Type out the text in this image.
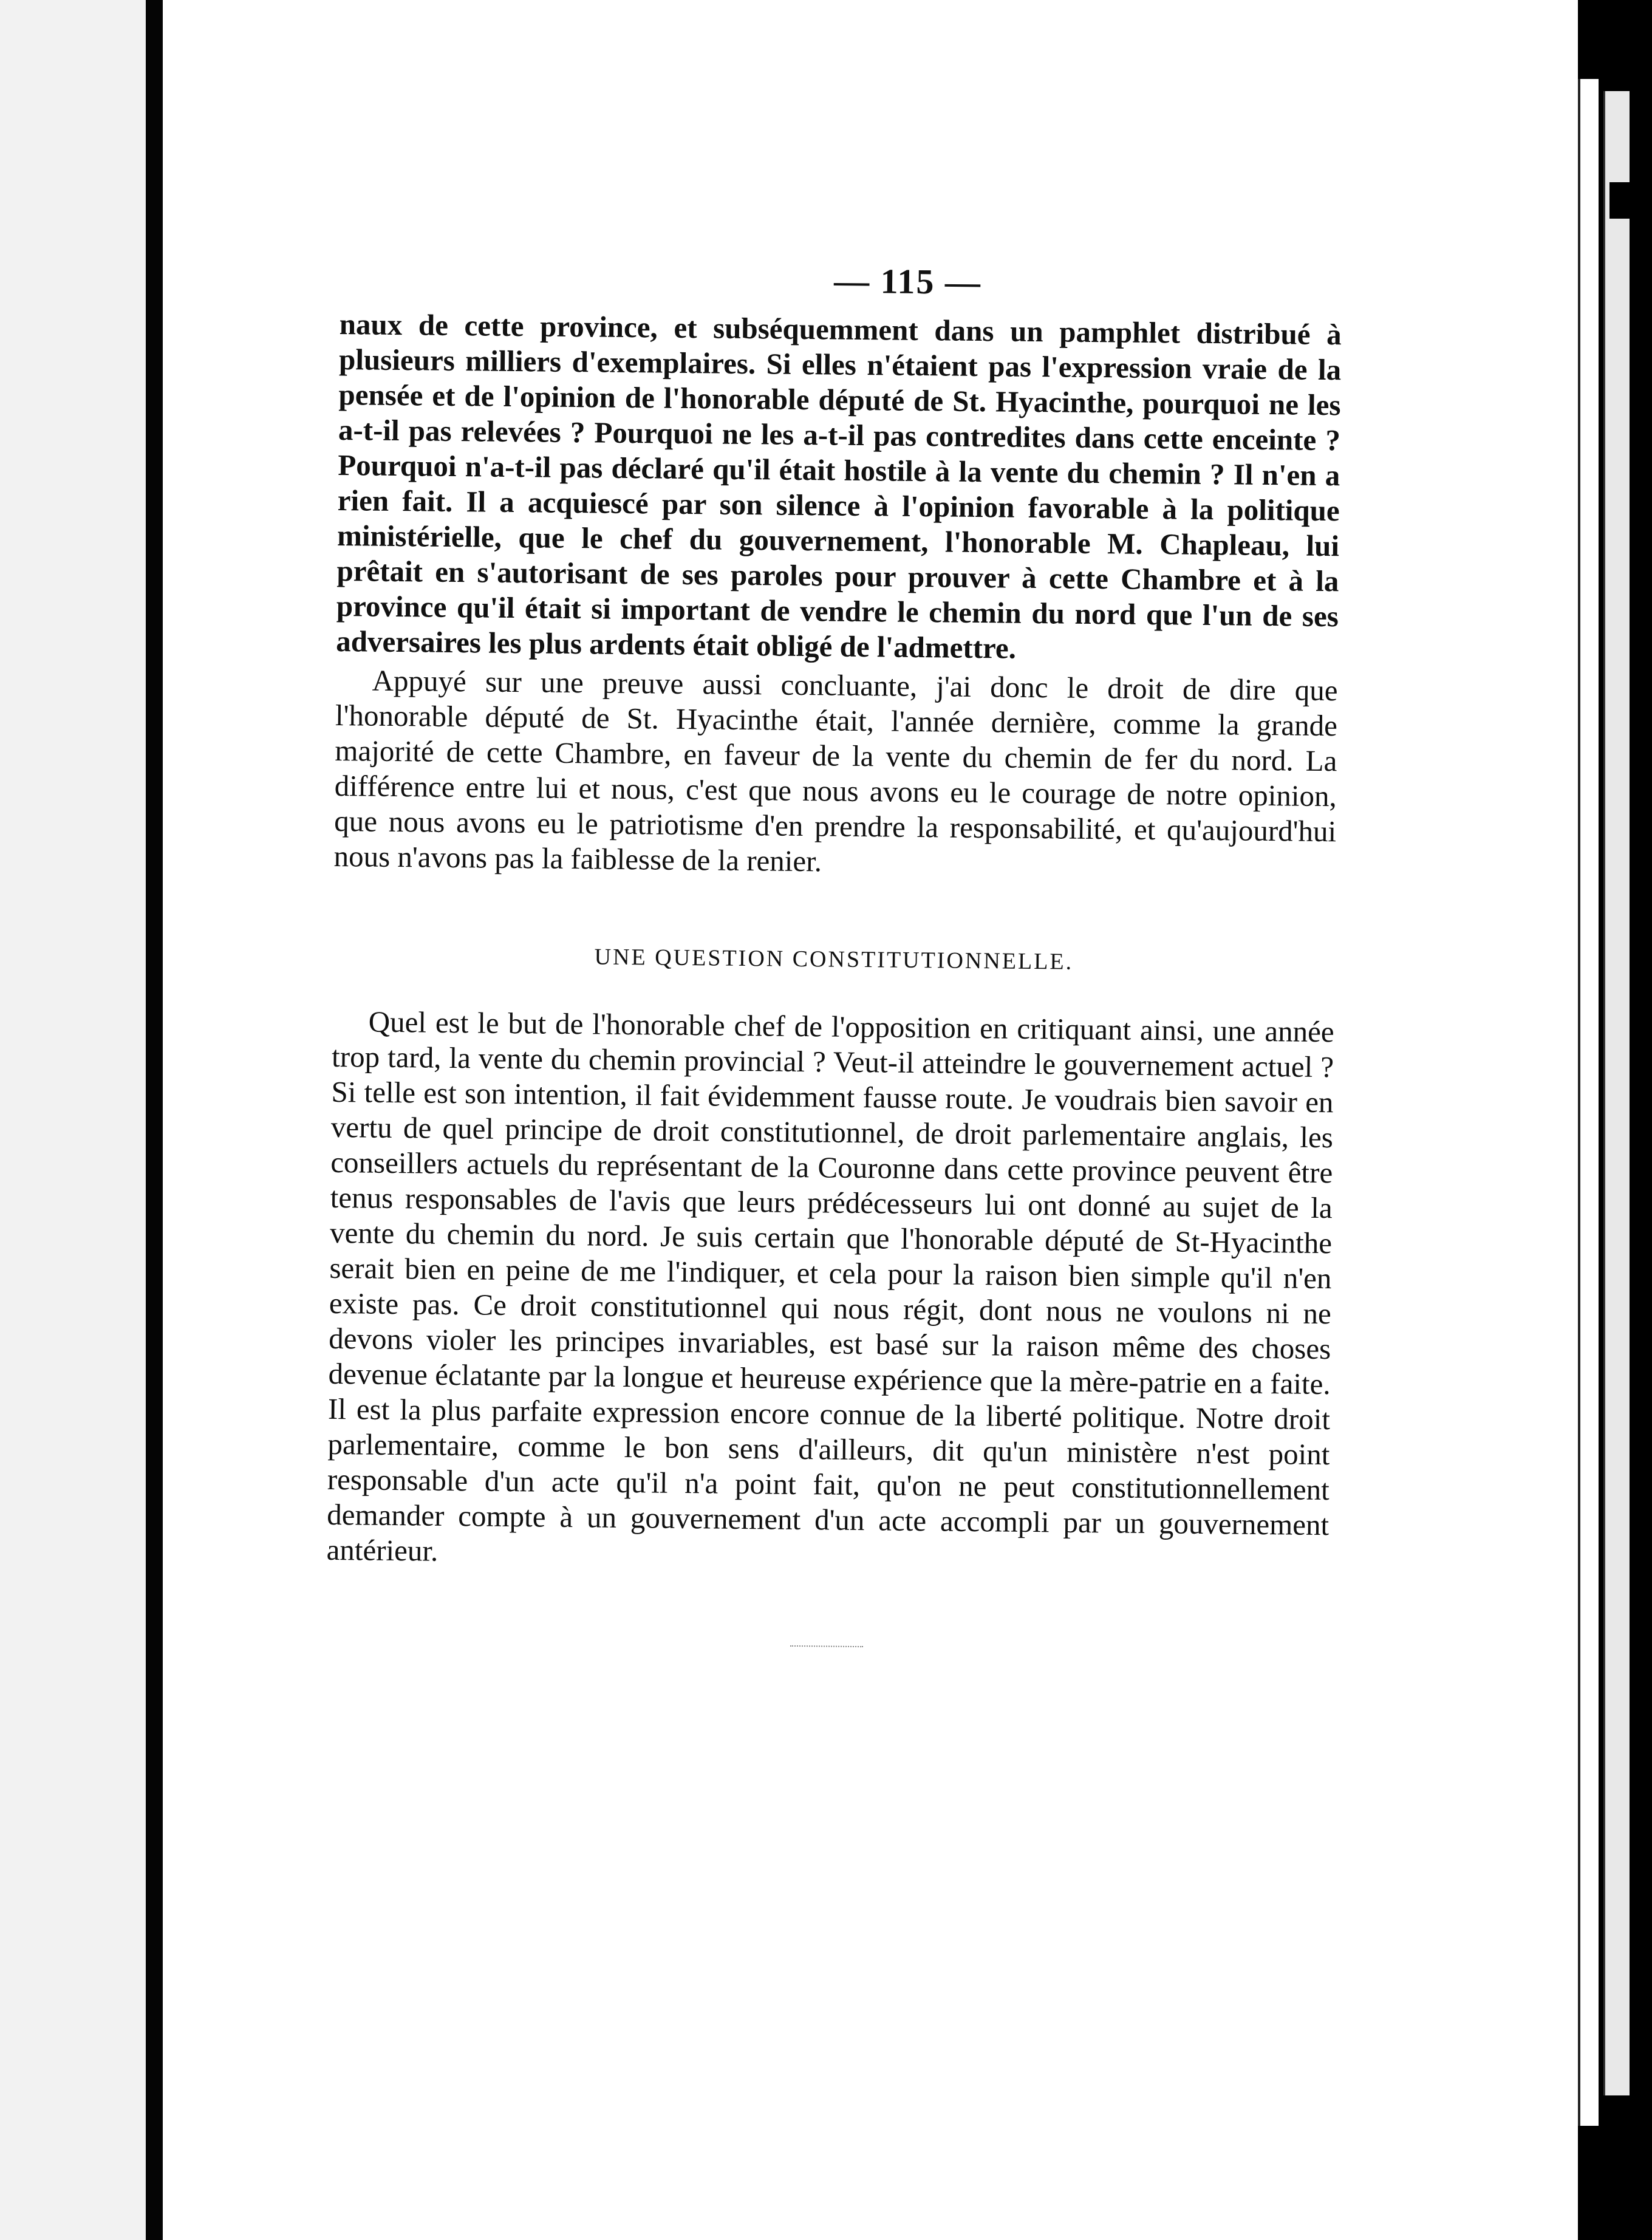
— 115 —

naux de cette province, et subséquemment dans un pamphlet distribué à plusieurs milliers d'exemplaires. Si elles n'étaient pas l'expression vraie de la pensée et de l'opinion de l'honorable député de St. Hyacinthe, pourquoi ne les a-t-il pas relevées ? Pourquoi ne les a-t-il pas contredites dans cette enceinte ? Pourquoi n'a-t-il pas déclaré qu'il était hostile à la vente du chemin ? Il n'en a rien fait. Il a acquiescé par son silence à l'opinion favorable à la politique ministérielle, que le chef du gouvernement, l'honorable M. Chapleau, lui prêtait en s'autorisant de ses paroles pour prouver à cette Chambre et à la province qu'il était si important de vendre le chemin du nord que l'un de ses adversaires les plus ardents était obligé de l'admettre.

Appuyé sur une preuve aussi concluante, j'ai donc le droit de dire que l'honorable député de St. Hyacinthe était, l'année dernière, comme la grande majorité de cette Chambre, en faveur de la vente du chemin de fer du nord. La différence entre lui et nous, c'est que nous avons eu le courage de notre opinion, que nous avons eu le patriotisme d'en prendre la responsabilité, et qu'aujourd'hui nous n'avons pas la faiblesse de la renier.

UNE QUESTION CONSTITUTIONNELLE.

Quel est le but de l'honorable chef de l'opposition en critiquant ainsi, une année trop tard, la vente du chemin provincial ? Veut-il atteindre le gouvernement actuel ? Si telle est son intention, il fait évidemment fausse route. Je voudrais bien savoir en vertu de quel principe de droit constitutionnel, de droit parlementaire anglais, les conseillers actuels du représentant de la Couronne dans cette province peuvent être tenus responsables de l'avis que leurs prédécesseurs lui ont donné au sujet de la vente du chemin du nord. Je suis certain que l'honorable député de St-Hyacinthe serait bien en peine de me l'indiquer, et cela pour la raison bien simple qu'il n'en existe pas. Ce droit constitutionnel qui nous régit, dont nous ne voulons ni ne devons violer les principes invariables, est basé sur la raison même des choses devenue éclatante par la longue et heureuse expérience que la mère-patrie en a faite. Il est la plus parfaite expression encore connue de la liberté politique. Notre droit parlementaire, comme le bon sens d'ailleurs, dit qu'un ministère n'est point responsable d'un acte qu'il n'a point fait, qu'on ne peut constitutionnellement demander compte à un gouvernement d'un acte accompli par un gouvernement antérieur.
